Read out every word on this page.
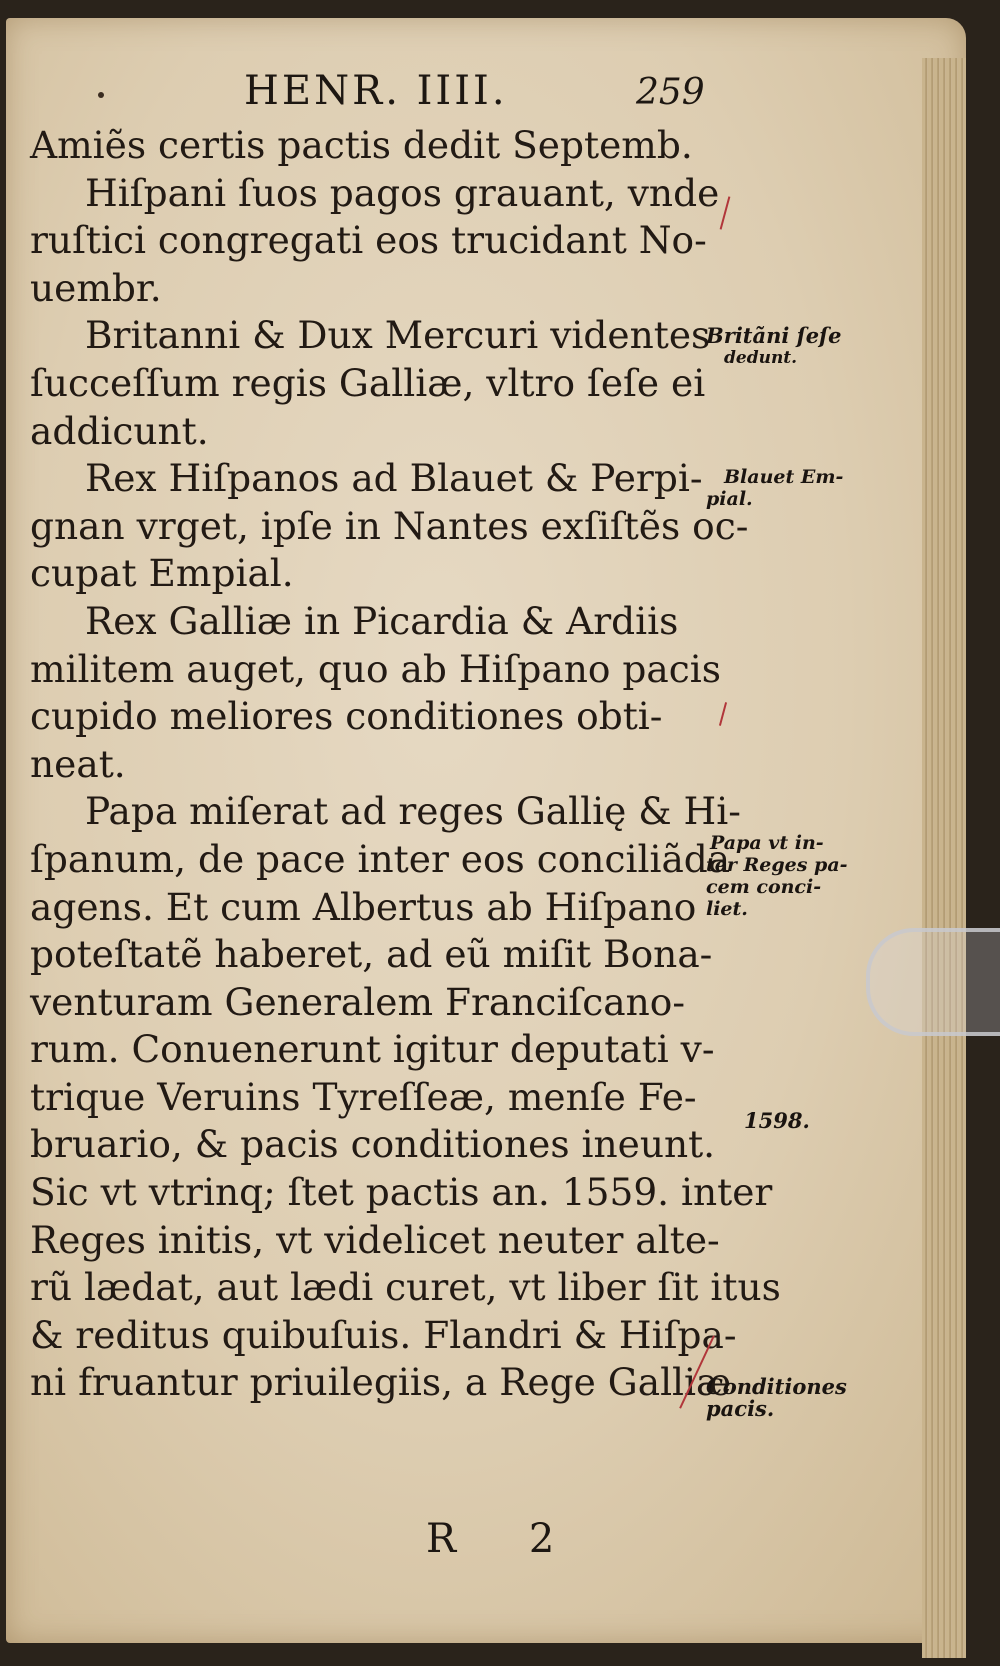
HENR. IIII.	259
Amiẽs certis pactis dedit Septemb.
Hiſpani ſuos pagos grauant, vnde
ruſtici congregati eos trucidant No-
uembr.
Britanni & Dux Mercuri videntes
ſucceſſum regis Galliæ, vltro ſeſe ei
addicunt.
Rex Hiſpanos ad Blauet & Perpi-
gnan vrget, ipſe in Nantes exſiſtẽs oc-
cupat Empial.
Rex Galliæ in Picardia & Ardiis
militem auget, quo ab Hiſpano pacis
cupido meliores conditiones obti-
neat.
Papa miſerat ad reges Gallię & Hi-
ſpanum, de pace inter eos conciliãda
agens. Et cum Albertus ab Hiſpano
poteſtatẽ haberet, ad eũ miſit Bona-
venturam Generalem Franciſcano-
rum. Conuenerunt igitur deputati v-
trique Veruins Tyreſſeæ, menſe Fe-
bruario, & pacis conditiones ineunt.
Sic vt vtrinq; ſtet pactis an. 1559. inter
Reges initis, vt videlicet neuter alte-
rũ lædat, aut lædi curet, vt liber ſit itus
& reditus quibuſuis. Flandri & Hiſpa-
ni fruantur priuilegiis, a Rege Galliæ
Britãni ſeſe
dedunt.
Blauet Em-
pial.
Papa vt in-
ter Reges pa-
cem conci-
liet.
1598.
Conditiones
pacis.
R 2
